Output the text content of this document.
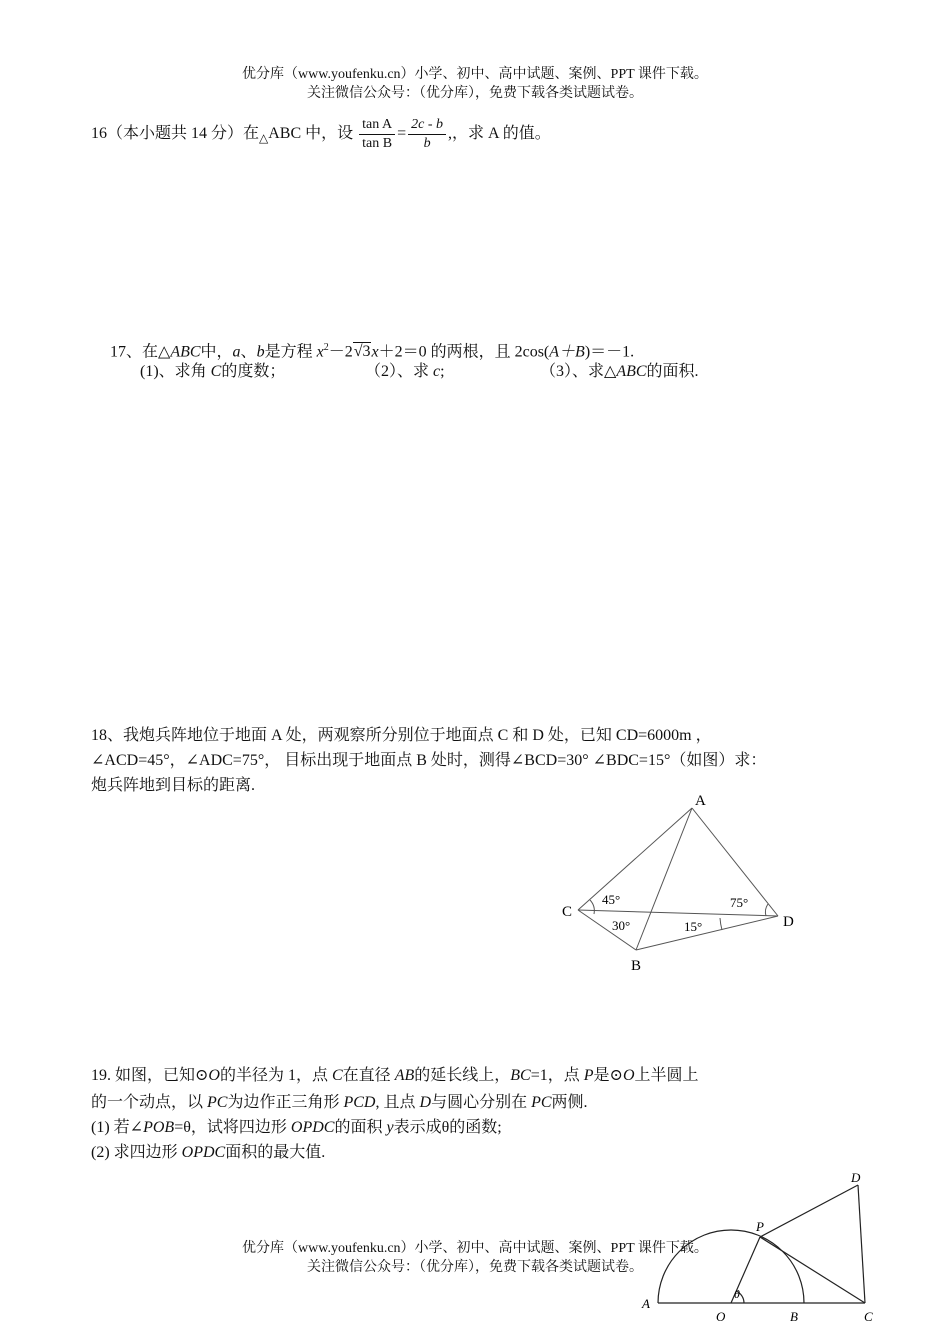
优分库（www.youfenku.cn）小学、初中、高中试题、案例、PPT 课件下载。
关注微信公众号：（优分库），免费下载各类试题试卷。
16（本小题共 14 分）在$_\triangle$ABC 中，设 $\frac{\text{tan A}}{\text{tan B}} = \frac{2c - b}{b}$ ,，求 A 的值。
17、在△ABC中，a、b是方程 $x^2-2√3x+2=0$ 的两根，且 2cos(A＋B)＝－1.
(1)、求角 C的度数；	（2）、求 c;	（3）、求△ABC的面积.
18、我炮兵阵地位于地面 A 处，两观察所分别位于地面点 C 和 D 处，已知 CD=6000m ，
∠ACD=45°，∠ADC=75°， 目标出现于地面点 B 处时，测得∠BCD=30° ∠BDC=15°（如图）求：
炮兵阵地到目标的距离.
A
C
D
B
45°
30°
75°
15°
19. 如图，已知⊙O的半径为 1，点 C在直径 AB的延长线上，BC=1，点 P是⊙O上半圆上
的一个动点，以 PC为边作正三角形 PCD, 且点 D与圆心分别在 PC两侧.
(1) 若∠POB=θ，试将四边形 OPDC的面积 y表示成θ的函数;
(2) 求四边形 OPDC面积的最大值.
A
O	B	C
P
D
θ
优分库（www.youfenku.cn）小学、初中、高中试题、案例、PPT 课件下载。
关注微信公众号：（优分库），免费下载各类试题试卷。
